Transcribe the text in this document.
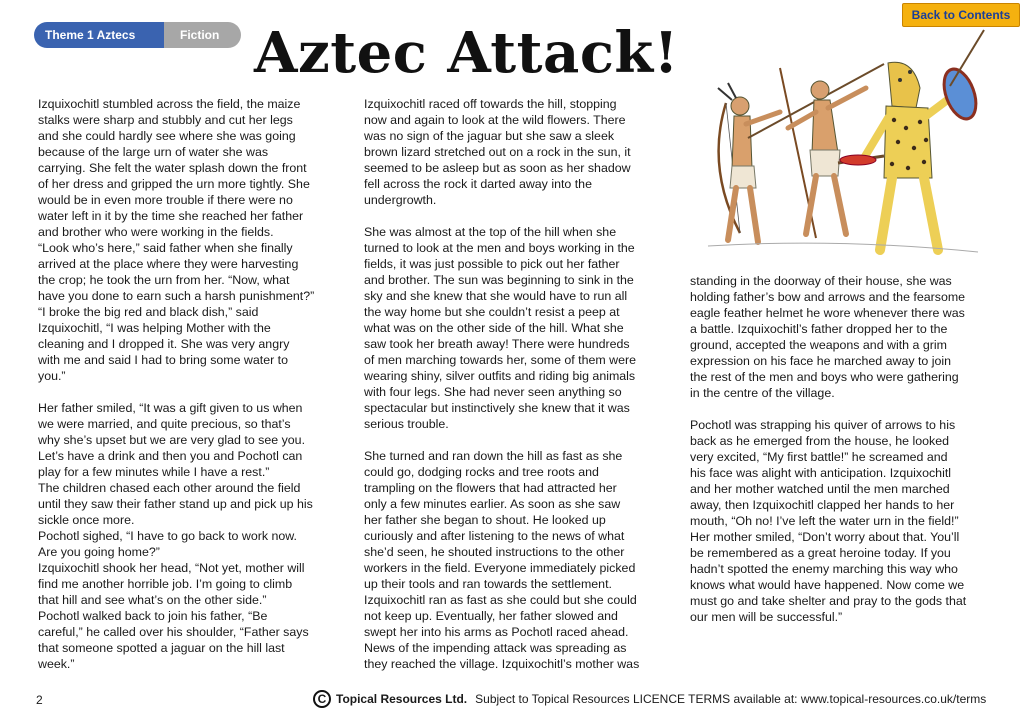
Back to Contents
Theme 1 Aztecs	Fiction Aztec Attack!

Izquixochitl stumbled across the field, the maize
stalks were sharp and stubbly and cut her legs
and she could hardly see where she was going
because of the large urn of water she was
carrying. She felt the water splash down the front
of her dress and gripped the urn more tightly. She
would be in even more trouble if there were no
water left in it by the time she reached her father
and brother who were working in the fields.
“Look who’s here,” said father when she finally
arrived at the place where they were harvesting
the crop; he took the urn from her. “Now, what
have you done to earn such a harsh punishment?”
“I broke the big red and black dish,” said
Izquixochitl, “I was helping Mother with the
cleaning and I dropped it. She was very angry
with me and said I had to bring some water to
you.”

Her father smiled, “It was a gift given to us when
we were married, and quite precious, so that’s
why she’s upset but we are very glad to see you.
Let’s have a drink and then you and Pochotl can
play for a few minutes while I have a rest.”
The children chased each other around the field
until they saw their father stand up and pick up his
sickle once more.
Pochotl sighed, “I have to go back to work now.
Are you going home?”
Izquixochitl shook her head, “Not yet, mother will
find me another horrible job. I’m going to climb
that hill and see what’s on the other side.”
Pochotl walked back to join his father, “Be
careful,” he called over his shoulder, “Father says
that someone spotted a jaguar on the hill last
week.”

Izquixochitl raced off towards the hill, stopping
now and again to look at the wild flowers. There
was no sign of the jaguar but she saw a sleek
brown lizard stretched out on a rock in the sun, it
seemed to be asleep but as soon as her shadow
fell across the rock it darted away into the
undergrowth.

She was almost at the top of the hill when she
turned to look at the men and boys working in the
fields, it was just possible to pick out her father
and brother. The sun was beginning to sink in the
sky and she knew that she would have to run all
the way home but she couldn’t resist a peep at
what was on the other side of the hill. What she
saw took her breath away! There were hundreds
of men marching towards her, some of them were
wearing shiny, silver outfits and riding big animals
with four legs. She had never seen anything so
spectacular but instinctively she knew that it was
serious trouble.

She turned and ran down the hill as fast as she
could go, dodging rocks and tree roots and
trampling on the flowers that had attracted her
only a few minutes earlier. As soon as she saw
her father she began to shout. He looked up
curiously and after listening to the news of what
she’d seen, he shouted instructions to the other
workers in the field. Everyone immediately picked
up their tools and ran towards the settlement.
Izquixochitl ran as fast as she could but she could
not keep up. Eventually, her father slowed and
swept her into his arms as Pochotl raced ahead.
News of the impending attack was spreading as
they reached the village. Izquixochitl’s mother was

standing in the doorway of their house, she was
holding father’s bow and arrows and the fearsome
eagle feather helmet he wore whenever there was
a battle. Izquixochitl’s father dropped her to the
ground, accepted the weapons and with a grim
expression on his face he marched away to join
the rest of the men and boys who were gathering
in the centre of the village.

Pochotl was strapping his quiver of arrows to his
back as he emerged from the house, he looked
very excited, “My first battle!” he screamed and
his face was alight with anticipation. Izquixochitl
and her mother watched until the men marched
away, then Izquixochitl clapped her hands to her
mouth, “Oh no! I’ve left the water urn in the field!”
Her mother smiled, “Don’t worry about that. You’ll
be remembered as a great heroine today. If you
hadn’t spotted the enemy marching this way who
knows what would have happened. Now come we
must go and take shelter and pray to the gods that
our men will be successful.”

2	C Topical Resources Ltd. Subject to Topical Resources LICENCE TERMS available at: www.topical-resources.co.uk/terms
